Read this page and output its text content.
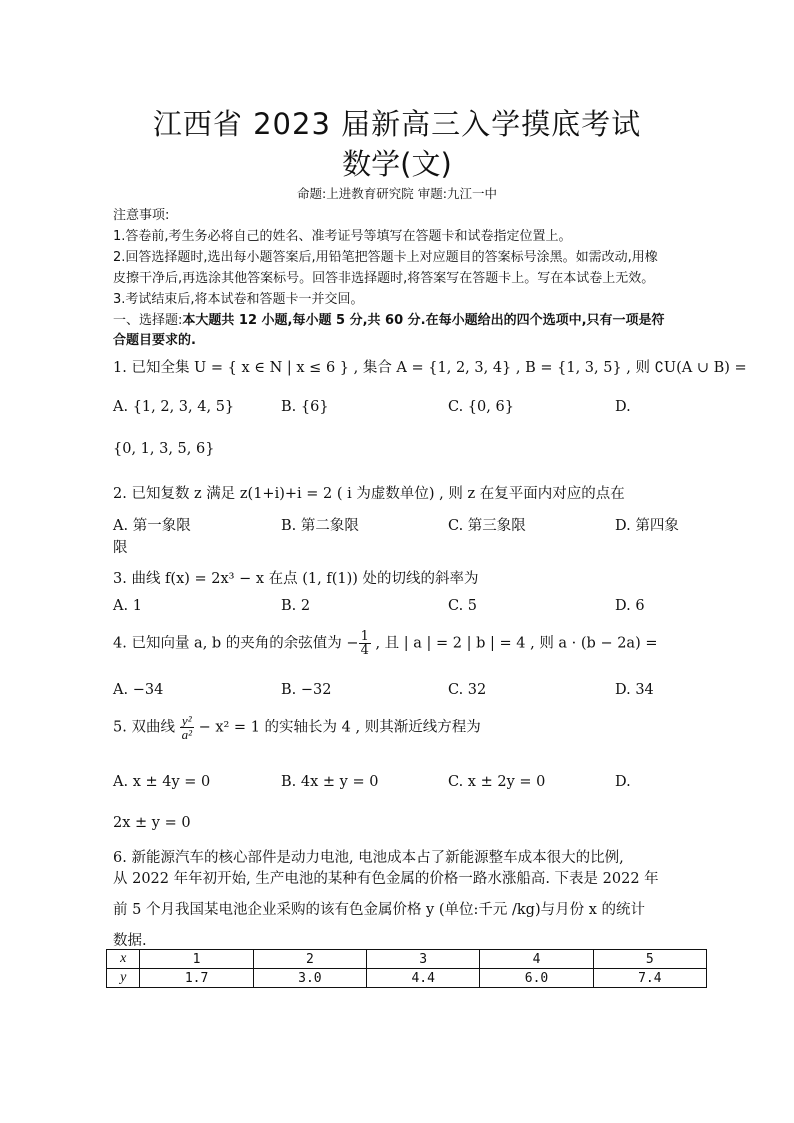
江西省 2023 届新高三入学摸底考试
数学(文)
命题:上进教育研究院 审题:九江一中
注意事项:
1.答卷前,考生务必将自己的姓名、准考证号等填写在答题卡和试卷指定位置上。
2.回答选择题时,选出每小题答案后,用铅笔把答题卡上对应题目的答案标号涂黑。如需改动,用橡
皮擦干净后,再选涂其他答案标号。回答非选择题时,将答案写在答题卡上。写在本试卷上无效。
3.考试结束后,将本试卷和答题卡一并交回。
一、选择题:本大题共 12 小题,每小题 5 分,共 60 分.在每小题给出的四个选项中,只有一项是符
合题目要求的.
1. 已知全集 U = { x ∈ N | x ≤ 6 } , 集合 A = {1, 2, 3, 4} , B = {1, 3, 5} , 则 ∁U(A ∪ B) =
A. {1, 2, 3, 4, 5}	B. {6}	C. {0, 6}	D.
{0, 1, 3, 5, 6}
2. 已知复数 z 满足 z(1+i)+i = 2 ( i 为虚数单位) , 则 z 在复平面内对应的点在
A. 第一象限	B. 第二象限	C. 第三象限	D. 第四象
限
3. 曲线 f(x) = 2x³ − x 在点 (1, f(1)) 处的切线的斜率为
A. 1	B. 2	C. 5	D. 6
4. 已知向量 a, b 的夹角的余弦值为 − $\frac{1}{4}$ , 且 | a | = 2 | b | = 4 , 则 a · (b − 2a) =
A. −34	B. −32	C. 32	D. 34
5. 双曲线 $\frac{\text{y²}}{\text{a²}} - x^2 = 1$ 的实轴长为 4 , 则其渐近线方程为
A. x ± 4y = 0	B. 4x ± y = 0	C. x ± 2y = 0	D.
2x ± y = 0
6. 新能源汽车的核心部件是动力电池, 电池成本占了新能源整车成本很大的比例,
从 2022 年年初开始, 生产电池的某种有色金属的价格一路水涨船高. 下表是 2022 年
前 5 个月我国某电池企业采购的该有色金属价格 y (单位:千元 /kg)与月份 x 的统计
数据.
x	1	2	3	4	5
y	1.7	3.0	4.4	6.0	7.4
